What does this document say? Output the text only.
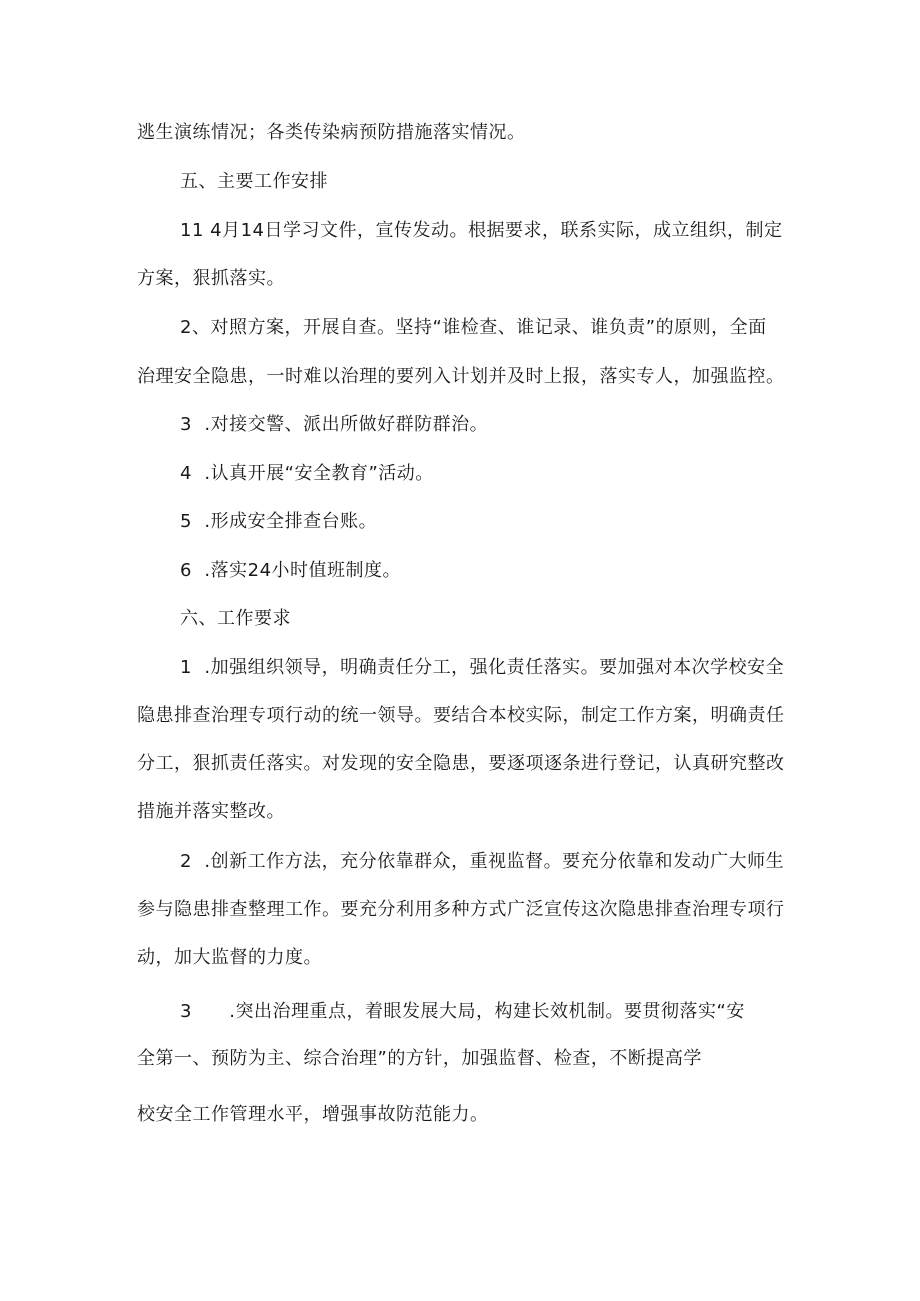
逃生演练情况；各类传染病预防措施落实情况。
五、主要工作安排
11 4月14日学习文件，宣传发动。根据要求，联系实际，成立组织，制定
方案，狠抓落实。
2、对照方案，开展自查。坚持“谁检查、谁记录、谁负责”的原则，全面
治理安全隐患，一时难以治理的要列入计划并及时上报，落实专人，加强监控。
3  .对接交警、派出所做好群防群治。
4  .认真开展“安全教育”活动。
5  .形成安全排查台账。
6  .落实24小时值班制度。
六、工作要求
1  .加强组织领导，明确责任分工，强化责任落实。要加强对本次学校安全
隐患排查治理专项行动的统一领导。要结合本校实际，制定工作方案，明确责任
分工，狠抓责任落实。对发现的安全隐患，要逐项逐条进行登记，认真研究整改
措施并落实整改。
2  .创新工作方法，充分依靠群众，重视监督。要充分依靠和发动广大师生
参与隐患排查整理工作。要充分利用多种方式广泛宣传这次隐患排查治理专项行
动，加大监督的力度。
3      .突出治理重点，着眼发展大局，构建长效机制。要贯彻落实“安
全第一、预防为主、综合治理”的方针，加强监督、检查，不断提高学
校安全工作管理水平，增强事故防范能力。
